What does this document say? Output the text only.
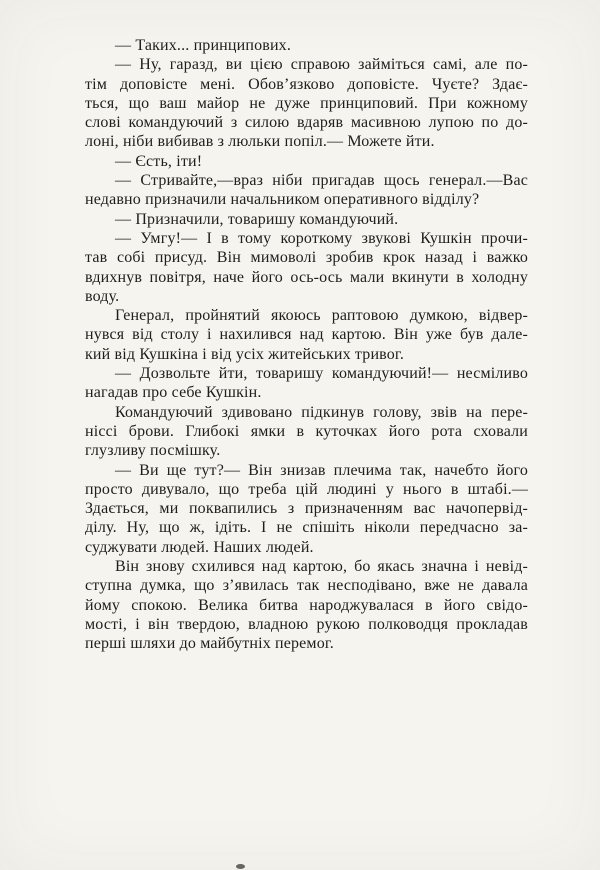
— Таких... принципових.

— Ну, гаразд, ви цією справою займіться самі, але по-
тім доповісте мені. Обов’язково доповісте. Чуєте? Здає-
ться, що ваш майор не дуже принциповий. При кожному
слові командуючий з силою вдаряв масивною лупою по до-
лоні, ніби вибивав з люльки попіл.— Можете йти.

— Єсть, іти!

— Стривайте,—враз ніби пригадав щось генерал.—Вас
недавно призначили начальником оперативного відділу?

— Призначили, товаришу командуючий.

— Умгу!— І в тому короткому звукові Кушкін прочи-
тав собі присуд. Він мимоволі зробив крок назад і важко
вдихнув повітря, наче його ось-ось мали вкинути в холодну
воду.

Генерал, пройнятий якоюсь раптовою думкою, відвер-
нувся від столу і нахилився над картою. Він уже був дале-
кий від Кушкіна і від усіх житейських тривог.

— Дозвольте йти, товаришу командуючий!— несміливо
нагадав про себе Кушкін.

Командуючий здивовано підкинув голову, звів на пере-
ніссі брови. Глибокі ямки в куточках його рота сховали
глузливу посмішку.

— Ви ще тут?— Він знизав плечима так, начебто його
просто дивувало, що треба цій людині у нього в штабі.—
Здається, ми поквапились з призначенням вас начопервід-
ділу. Ну, що ж, ідіть. І не спішіть ніколи передчасно за-
суджувати людей. Наших людей.

Він знову схилився над картою, бо якась значна і невід-
ступна думка, що з’явилась так несподівано, вже не давала
йому спокою. Велика битва народжувалася в його свідо-
мості, і він твердою, владною рукою полководця прокладав
перші шляхи до майбутніх перемог.
